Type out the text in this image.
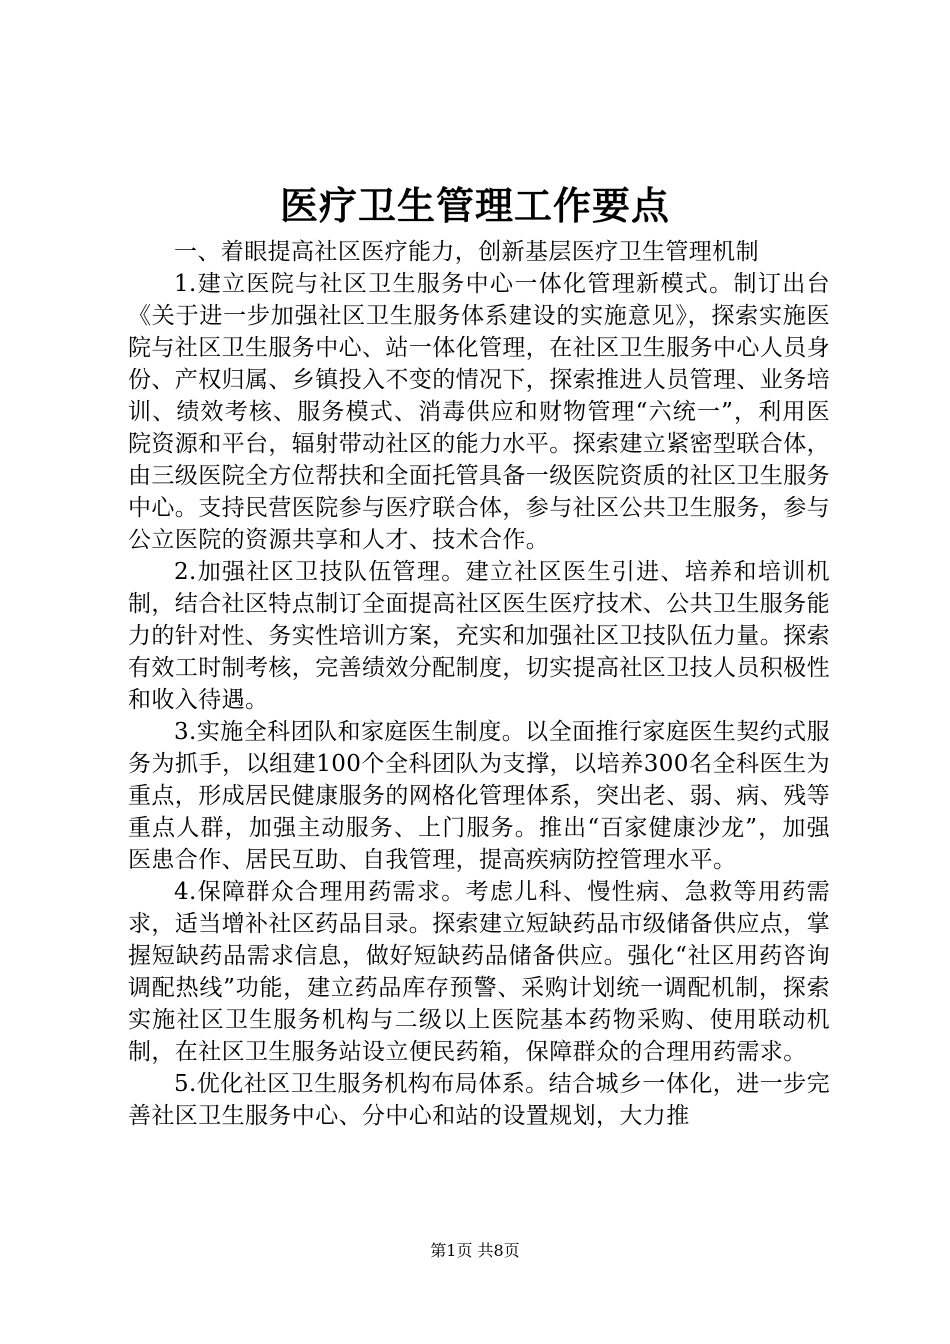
医疗卫生管理工作要点

一、着眼提高社区医疗能力，创新基层医疗卫生管理机制

1.建立医院与社区卫生服务中心一体化管理新模式。制订出台《关于进一步加强社区卫生服务体系建设的实施意见》，探索实施医院与社区卫生服务中心、站一体化管理，在社区卫生服务中心人员身份、产权归属、乡镇投入不变的情况下，探索推进人员管理、业务培训、绩效考核、服务模式、消毒供应和财物管理“六统一”，利用医院资源和平台，辐射带动社区的能力水平。探索建立紧密型联合体，由三级医院全方位帮扶和全面托管具备一级医院资质的社区卫生服务中心。支持民营医院参与医疗联合体，参与社区公共卫生服务，参与公立医院的资源共享和人才、技术合作。

2.加强社区卫技队伍管理。建立社区医生引进、培养和培训机制，结合社区特点制订全面提高社区医生医疗技术、公共卫生服务能力的针对性、务实性培训方案，充实和加强社区卫技队伍力量。探索有效工时制考核，完善绩效分配制度，切实提高社区卫技人员积极性和收入待遇。

3.实施全科团队和家庭医生制度。以全面推行家庭医生契约式服务为抓手，以组建100个全科团队为支撑，以培养300名全科医生为重点，形成居民健康服务的网格化管理体系，突出老、弱、病、残等重点人群，加强主动服务、上门服务。推出“百家健康沙龙”，加强医患合作、居民互助、自我管理，提高疾病防控管理水平。

4.保障群众合理用药需求。考虑儿科、慢性病、急救等用药需求，适当增补社区药品目录。探索建立短缺药品市级储备供应点，掌握短缺药品需求信息，做好短缺药品储备供应。强化“社区用药咨询调配热线”功能，建立药品库存预警、采购计划统一调配机制，探索实施社区卫生服务机构与二级以上医院基本药物采购、使用联动机制，在社区卫生服务站设立便民药箱，保障群众的合理用药需求。

5.优化社区卫生服务机构布局体系。结合城乡一体化，进一步完善社区卫生服务中心、分中心和站的设置规划，大力推

第1页 共8页
